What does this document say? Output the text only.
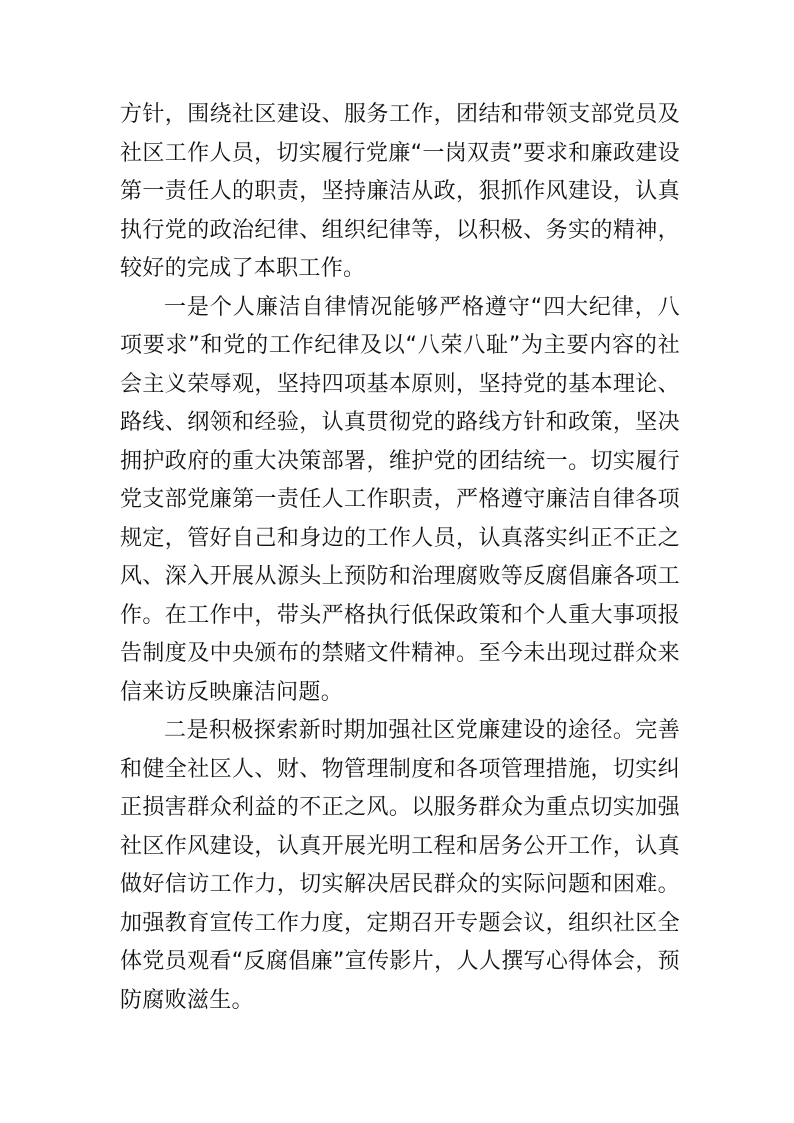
方针，围绕社区建设、服务工作，团结和带领支部党员及社区工作人员，切实履行党廉“一岗双责”要求和廉政建设第一责任人的职责，坚持廉洁从政，狠抓作风建设，认真执行党的政治纪律、组织纪律等，以积极、务实的精神，较好的完成了本职工作。

一是个人廉洁自律情况能够严格遵守“四大纪律，八项要求”和党的工作纪律及以“八荣八耻”为主要内容的社会主义荣辱观，坚持四项基本原则，坚持党的基本理论、路线、纲领和经验，认真贯彻党的路线方针和政策，坚决拥护政府的重大决策部署，维护党的团结统一。切实履行党支部党廉第一责任人工作职责，严格遵守廉洁自律各项规定，管好自己和身边的工作人员，认真落实纠正不正之风、深入开展从源头上预防和治理腐败等反腐倡廉各项工作。在工作中，带头严格执行低保政策和个人重大事项报告制度及中央颁布的禁赌文件精神。至今未出现过群众来信来访反映廉洁问题。

二是积极探索新时期加强社区党廉建设的途径。完善和健全社区人、财、物管理制度和各项管理措施，切实纠正损害群众利益的不正之风。以服务群众为重点切实加强社区作风建设，认真开展光明工程和居务公开工作，认真做好信访工作力，切实解决居民群众的实际问题和困难。加强教育宣传工作力度，定期召开专题会议，组织社区全体党员观看“反腐倡廉”宣传影片，人人撰写心得体会，预防腐败滋生。
